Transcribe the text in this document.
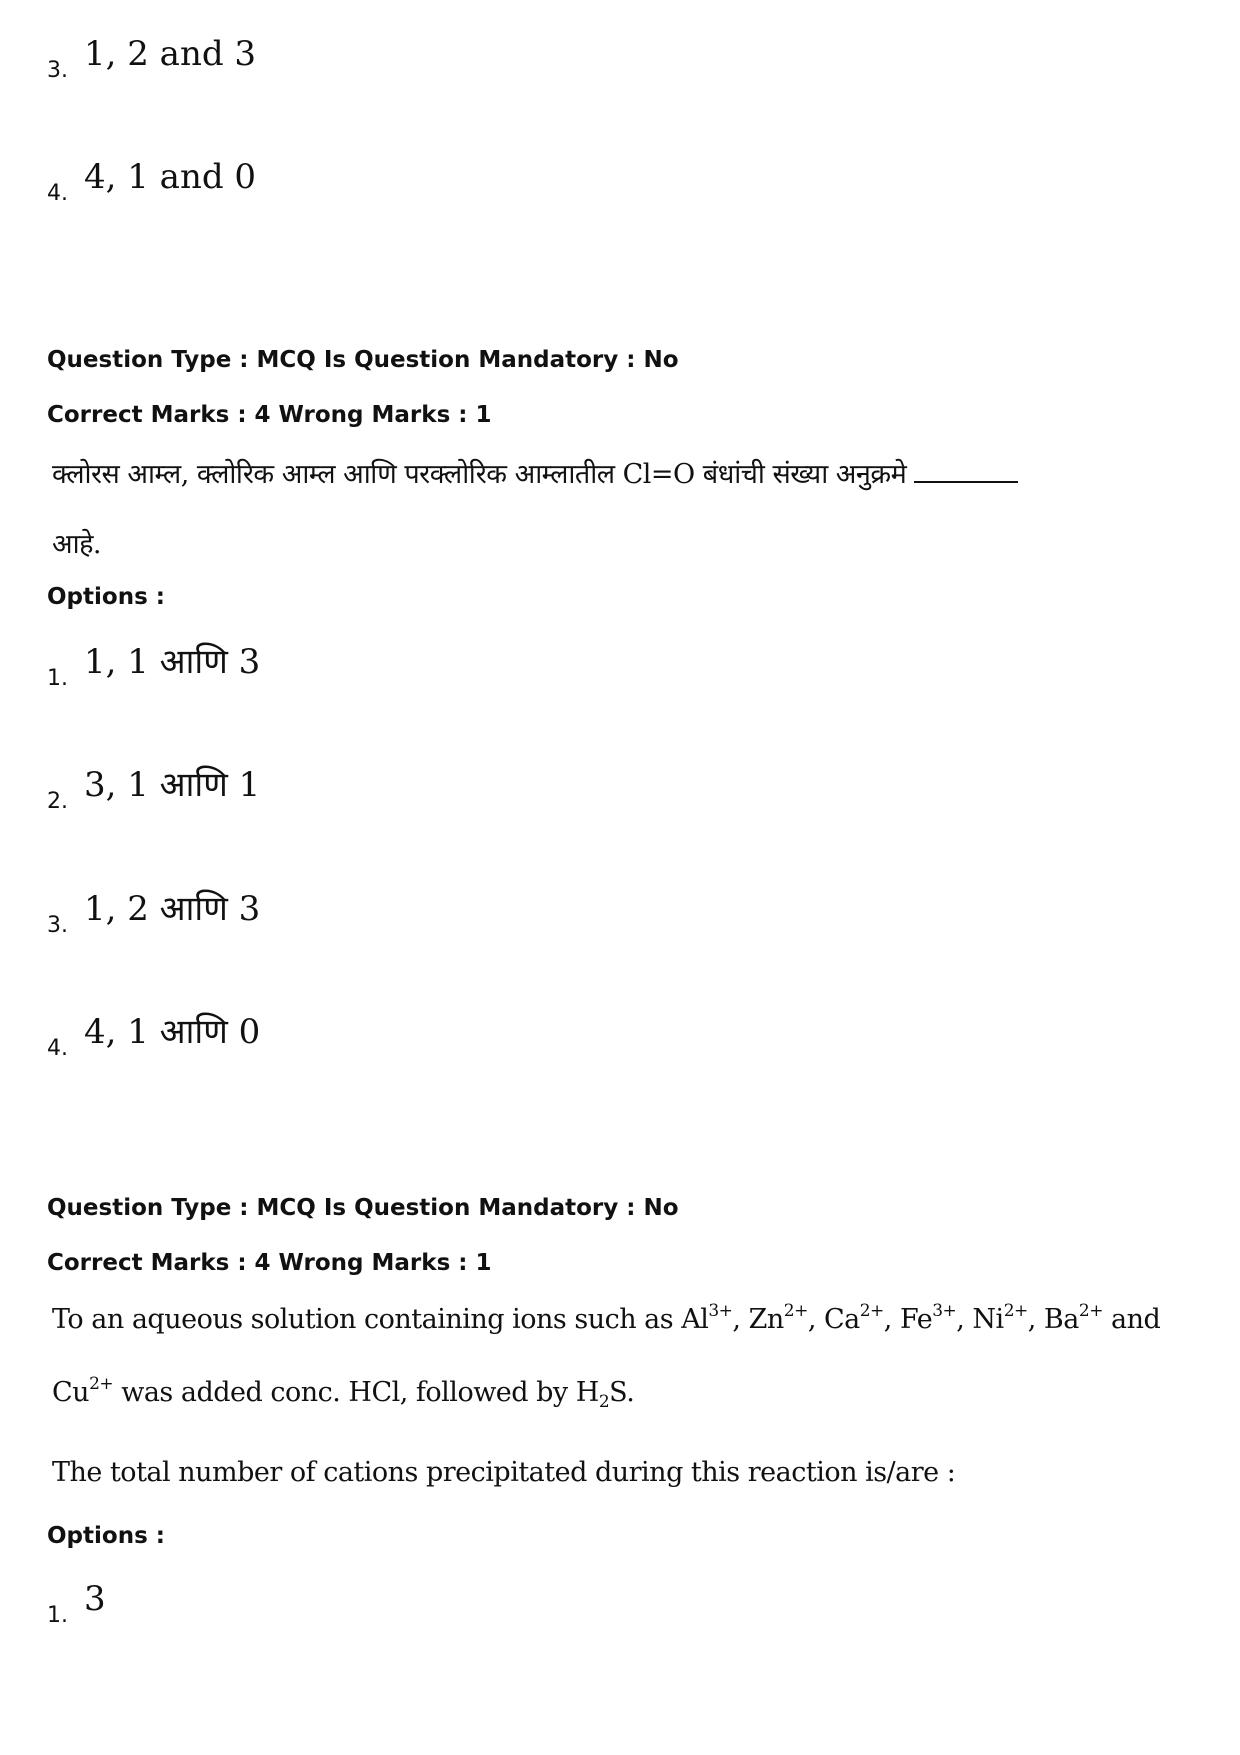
3. 1, 2 and 3
4. 4, 1 and 0
Question Type : MCQ Is Question Mandatory : No
Correct Marks : 4 Wrong Marks : 1
क्लोरस आम्ल, क्लोरिक आम्ल आणि परक्लोरिक आम्लातील Cl=O बंधांची संख्या अनुक्रमे
आहे.
Options :
1. 1, 1 आणि 3
2. 3, 1 आणि 1
3. 1, 2 आणि 3
4. 4, 1 आणि 0
Question Type : MCQ Is Question Mandatory : No
Correct Marks : 4 Wrong Marks : 1
To an aqueous solution containing ions such as $Al^{3+}$, $Zn^{2+}$, $Ca^{2+}$, $Fe^{3+}$, $Ni^{2+}$, $Ba^{2+}$ and
$Cu^{2+}$ was added conc. HCl, followed by $H_2S$.
The total number of cations precipitated during this reaction is/are :
Options :
1. 3
